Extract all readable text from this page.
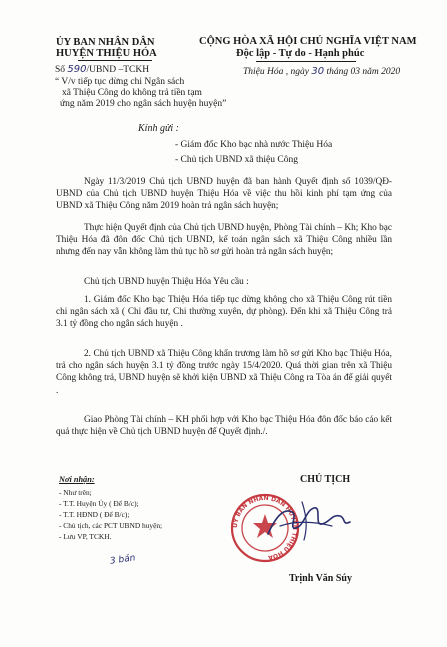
ỦY BAN NHÂN DÂN
HUYỆN THIỆU HÓA
CỘNG HÒA XÃ HỘI CHỦ NGHĨA VIỆT NAM
Độc lập - Tự do - Hạnh phúc
Số 590/UBND –TCKH
“ V/v tiếp tục dừng chi Ngân sách
xã Thiệu Công do không trả tiền tạm
ứng năm 2019 cho ngân sách huyện huyện”
Thiệu Hóa , ngày 30 tháng 03 năm 2020
Kính gửi :
- Giám đốc Kho bạc nhà nước Thiệu Hóa
- Chủ tịch UBND xã thiệu Công
Ngày 11/3/2019 Chủ tịch UBND huyện đã ban hành Quyết định số 1039/QĐ-UBND của Chủ tịch UBND huyện Thiệu Hóa về việc thu hồi kinh phí tạm ứng của UBND xã Thiệu Công năm 2019 hoàn trả ngân sách huyện;
Thực hiện Quyết định của Chủ tịch UBND huyện, Phòng Tài chính – Kh; Kho bạc Thiệu Hóa đã đôn đốc Chủ tịch UBND, kế toán ngân sách xã Thiệu Công nhiều lần nhưng đến nay vẫn không làm thủ tục hồ sơ gửi hoàn trả ngân sách huyện;
Chủ tịch UBND huyện Thiệu Hóa Yêu cầu :
1. Giám đốc Kho bạc Thiệu Hóa tiếp tục dừng không cho xã Thiệu Công rút tiền chi ngân sách xã ( Chi đầu tư, Chi thường xuyên, dự phòng). Đến khi xã Thiệu Công trả 3.1 tỷ đồng cho ngân sách huyện .
2. Chủ tịch UBND xã Thiệu Công khẩn trương làm hồ sơ gửi Kho bạc Thiệu Hóa, trả cho ngân sách huyện 3.1 tỷ đồng trước ngày 15/4/2020. Quá thời gian trên xã Thiệu Công không trả, UBND huyện sẽ khởi kiện UBND xã Thiệu Công ra Tòa án để giải quyết .
Giao Phòng Tài chính – KH phối hợp với Kho bạc Thiệu Hóa đôn đốc báo cáo kết quả thực hiện về Chủ tịch UBND huyện để Quyết định./.
Nơi nhận:
- Như trên;
- T.T. Huyện Ủy ( Để B/c);
- T.T. HĐND ( Để B/c);
- Chủ tịch, các PCT UBND huyện;
- Lưu VP, TCKH.
3 bản
CHỦ TỊCH
ỦY BAN NHÂN DÂN HUYỆN THIỆU HÓA
Trịnh Văn Súy
